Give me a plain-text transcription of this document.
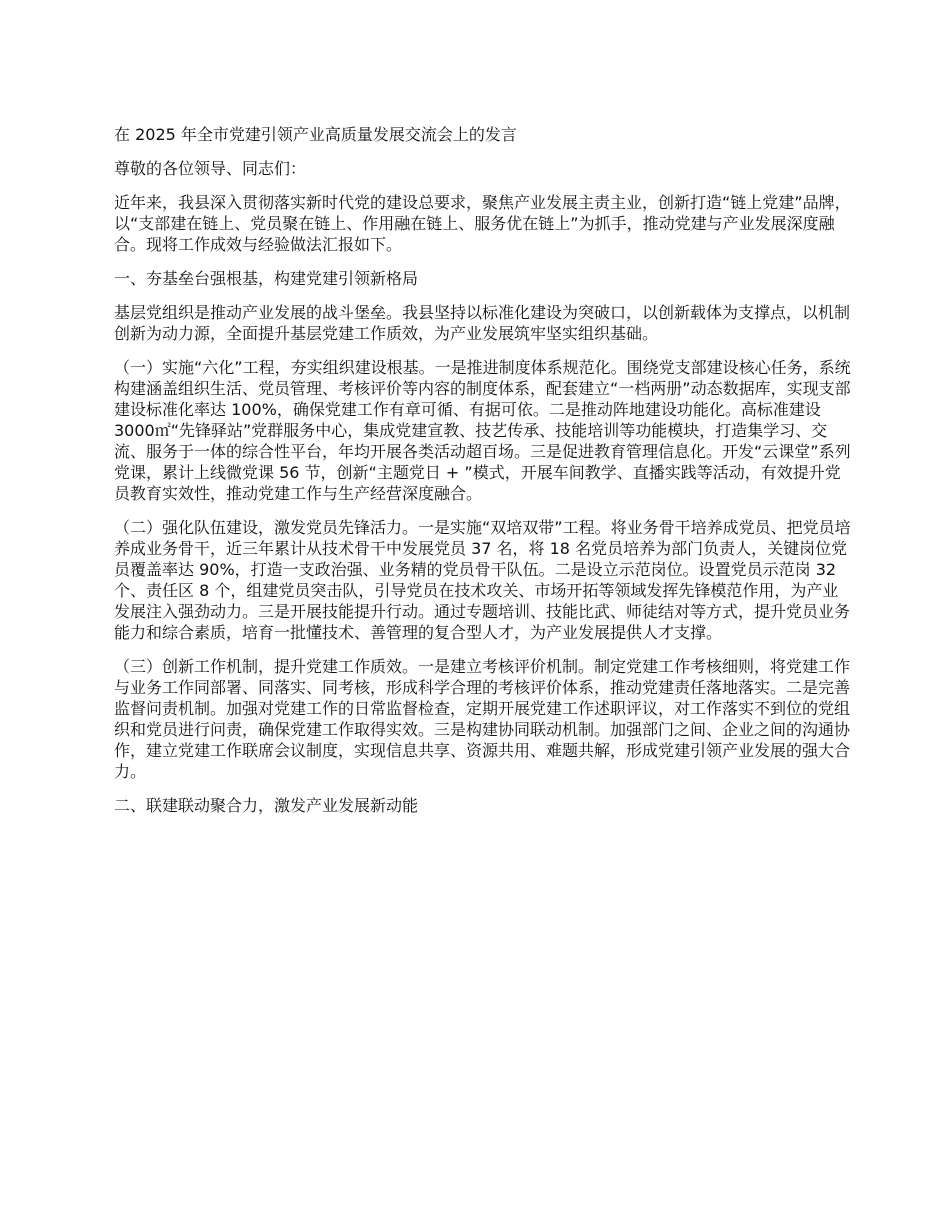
在 2025 年全市党建引领产业高质量发展交流会上的发言

尊敬的各位领导、同志们：

近年来，我县深入贯彻落实新时代党的建设总要求，聚焦产业发展主责主业，创新打造“链上党建”品牌，以“支部建在链上、党员聚在链上、作用融在链上、服务优在链上”为抓手，推动党建与产业发展深度融合。现将工作成效与经验做法汇报如下。

一、夯基垒台强根基，构建党建引领新格局

基层党组织是推动产业发展的战斗堡垒。我县坚持以标准化建设为突破口，以创新载体为支撑点，以机制创新为动力源，全面提升基层党建工作质效，为产业发展筑牢坚实组织基础。

（一）实施“六化”工程，夯实组织建设根基。一是推进制度体系规范化。围绕党支部建设核心任务，系统构建涵盖组织生活、党员管理、考核评价等内容的制度体系，配套建立“一档两册”动态数据库，实现支部建设标准化率达 100%，确保党建工作有章可循、有据可依。二是推动阵地建设功能化。高标准建设 3000㎡“先锋驿站”党群服务中心，集成党建宣教、技艺传承、技能培训等功能模块，打造集学习、交流、服务于一体的综合性平台，年均开展各类活动超百场。三是促进教育管理信息化。开发“云课堂”系列党课，累计上线微党课 56 节，创新“主题党日 + ”模式，开展车间教学、直播实践等活动，有效提升党员教育实效性，推动党建工作与生产经营深度融合。

（二）强化队伍建设，激发党员先锋活力。一是实施“双培双带”工程。将业务骨干培养成党员、把党员培养成业务骨干，近三年累计从技术骨干中发展党员 37 名，将 18 名党员培养为部门负责人，关键岗位党员覆盖率达 90%，打造一支政治强、业务精的党员骨干队伍。二是设立示范岗位。设置党员示范岗 32 个、责任区 8 个，组建党员突击队，引导党员在技术攻关、市场开拓等领域发挥先锋模范作用，为产业发展注入强劲动力。三是开展技能提升行动。通过专题培训、技能比武、师徒结对等方式，提升党员业务能力和综合素质，培育一批懂技术、善管理的复合型人才，为产业发展提供人才支撑。

（三）创新工作机制，提升党建工作质效。一是建立考核评价机制。制定党建工作考核细则，将党建工作与业务工作同部署、同落实、同考核，形成科学合理的考核评价体系，推动党建责任落地落实。二是完善监督问责机制。加强对党建工作的日常监督检查，定期开展党建工作述职评议，对工作落实不到位的党组织和党员进行问责，确保党建工作取得实效。三是构建协同联动机制。加强部门之间、企业之间的沟通协作，建立党建工作联席会议制度，实现信息共享、资源共用、难题共解，形成党建引领产业发展的强大合力。

二、联建联动聚合力，激发产业发展新动能
